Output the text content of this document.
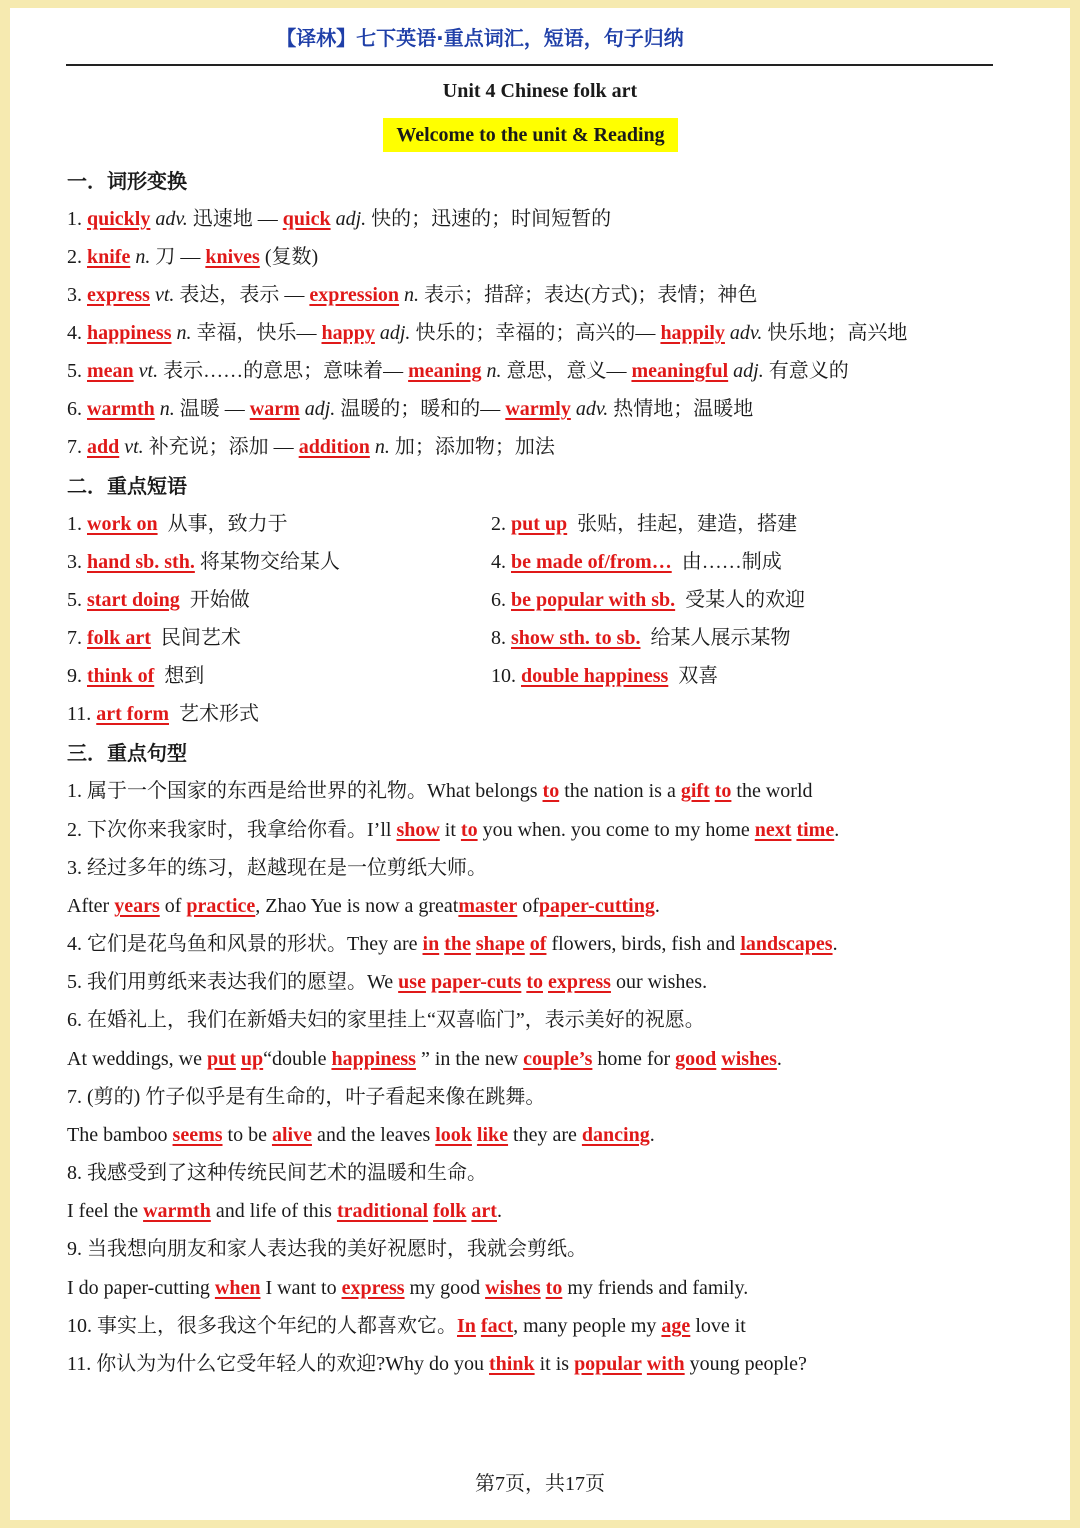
【译林】七下英语·重点词汇，短语，句子归纳
Unit 4 Chinese folk art
Welcome to the unit & Reading
一．词形变换
1. quickly adv. 迅速地 — quick adj. 快的；迅速的；时间短暂的
2. knife n. 刀 — knives (复数)
3. express vt. 表达，表示 — expression n. 表示；措辞；表达(方式)；表情；神色
4. happiness n. 幸福，快乐— happy adj. 快乐的；幸福的；高兴的— happily adv. 快乐地；高兴地
5. mean vt. 表示……的意思；意味着— meaning n. 意思，意义— meaningful adj. 有意义的
6. warmth n. 温暖 — warm adj. 温暖的；暖和的— warmly adv. 热情地；温暖地
7. add vt. 补充说；添加 — addition n. 加；添加物；加法
二．重点短语
1. work on 从事，致力于	2. put up 张贴，挂起，建造，搭建
3. hand sb. sth. 将某物交给某人	4. be made of/from… 由……制成
5. start doing 开始做	6. be popular with sb. 受某人的欢迎
7. folk art 民间艺术	8. show sth. to sb. 给某人展示某物
9. think of 想到	10. double happiness 双喜
11. art form 艺术形式
三．重点句型
1. 属于一个国家的东西是给世界的礼物。What belongs to the nation is a gift to the world
2. 下次你来我家时，我拿给你看。I’ll show it to you when. you come to my home next time.
3. 经过多年的练习，赵越现在是一位剪纸大师。
After years of practice, Zhao Yue is now a greatmaster ofpaper-cutting.
4. 它们是花鸟鱼和风景的形状。They are in the shape of flowers, birds, fish and landscapes.
5. 我们用剪纸来表达我们的愿望。We use paper-cuts to express our wishes.
6. 在婚礼上，我们在新婚夫妇的家里挂上“双喜临门”，表示美好的祝愿。
At weddings, we put up“double happiness ” in the new couple’s home for good wishes.
7. (剪的) 竹子似乎是有生命的，叶子看起来像在跳舞。
The bamboo seems to be alive and the leaves look like they are dancing.
8. 我感受到了这种传统民间艺术的温暖和生命。
I feel the warmth and life of this traditional folk art.
9. 当我想向朋友和家人表达我的美好祝愿时，我就会剪纸。
I do paper-cutting when I want to express my good wishes to my friends and family.
10. 事实上，很多我这个年纪的人都喜欢它。In fact, many people my age love it
11. 你认为为什么它受年轻人的欢迎?Why do you think it is popular with young people?
第7页，共17页
